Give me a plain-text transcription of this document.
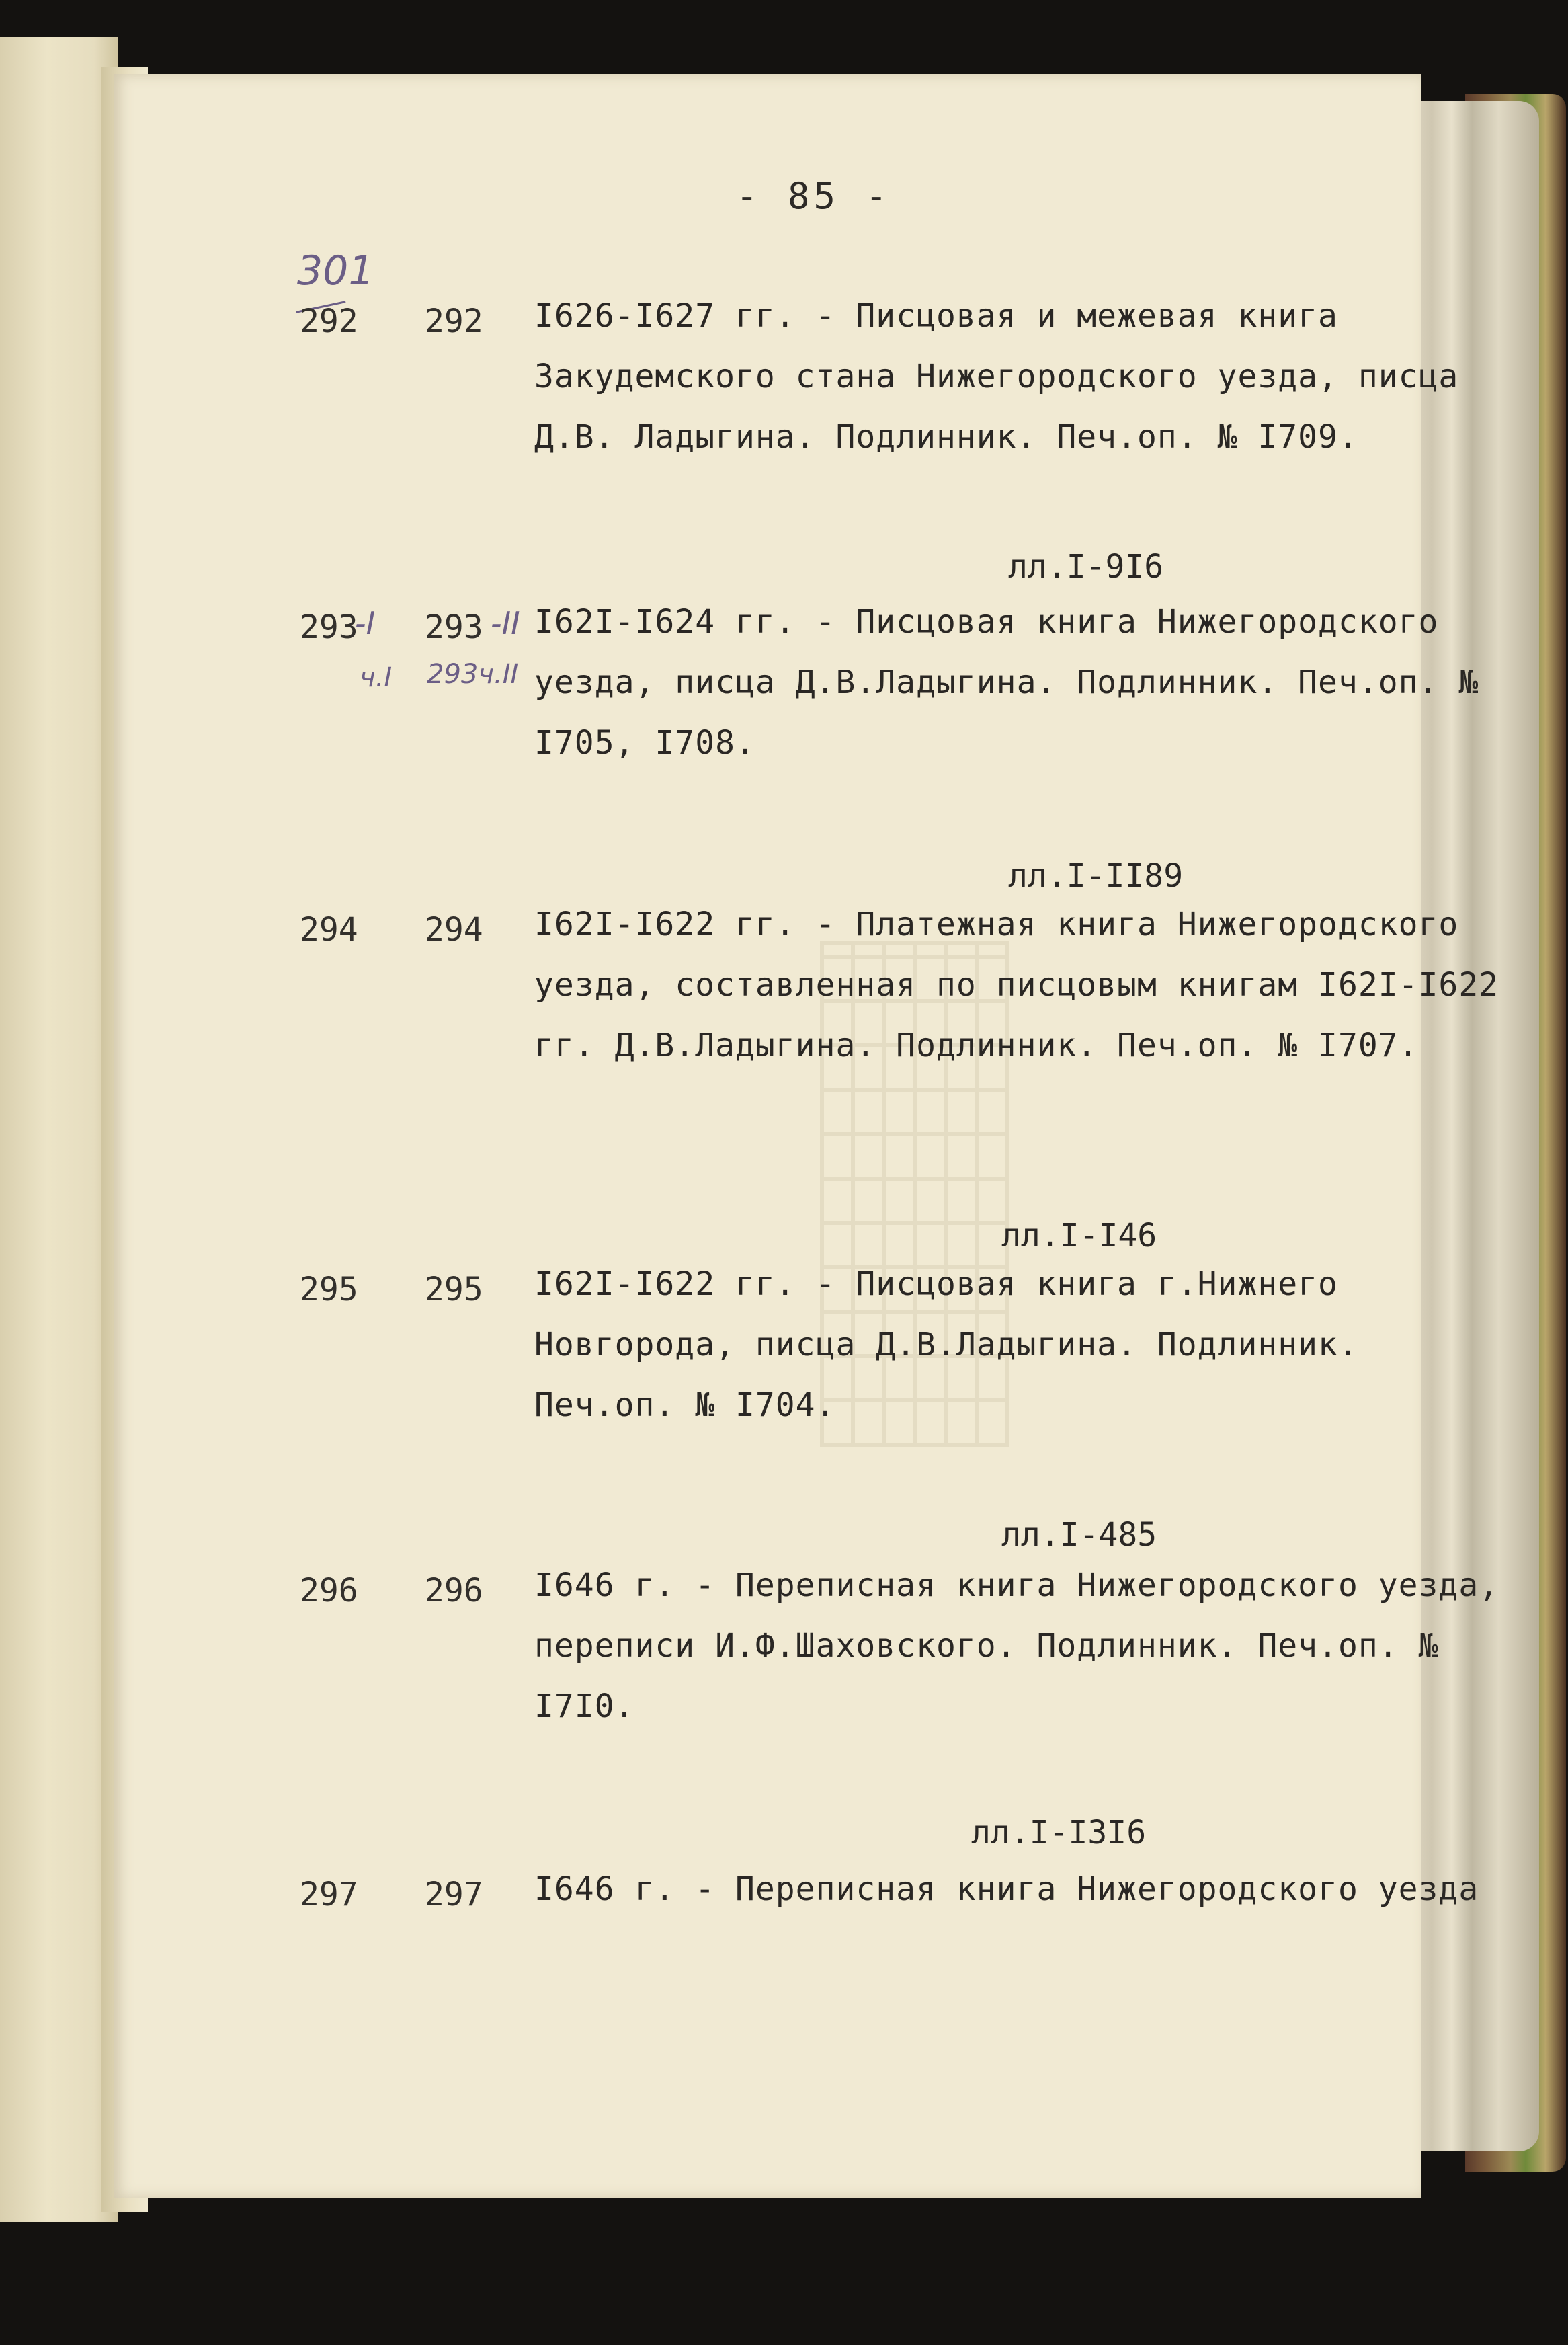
- 85 -
301
292 292 I626-I627 гг. - Писцовая и межевая книга Закудемского стана Нижегородского уезда, писца Д.В. Ладыгина. Подлинник. Печ.оп. № I709.
лл.I-9I6
293
-I
ч.I
293 -II
293ч.II
I62I-I624 гг. - Писцовая книга Нижегородского уезда, писца Д.В.Ладыгина. Подлинник. Печ.оп. № I705, I708.
лл.I-II89
294 294 I62I-I622 гг. - Платежная книга Нижегородского уезда, составленная по писцовым книгам I62I-I622 гг. Д.В.Ладыгина. Подлинник. Печ.оп. № I707.
лл.I-I46
295 295 I62I-I622 гг. - Писцовая книга г.Нижнего Новгорода, писца Д.В.Ладыгина. Подлинник. Печ.оп. № I704.
лл.I-485
296 296 I646 г. - Переписная книга Нижегородского уезда, переписи И.Ф.Шаховского. Подлинник. Печ.оп. № I7I0.
лл.I-I3I6
297 297 I646 г. - Переписная книга Нижегородского уезда
